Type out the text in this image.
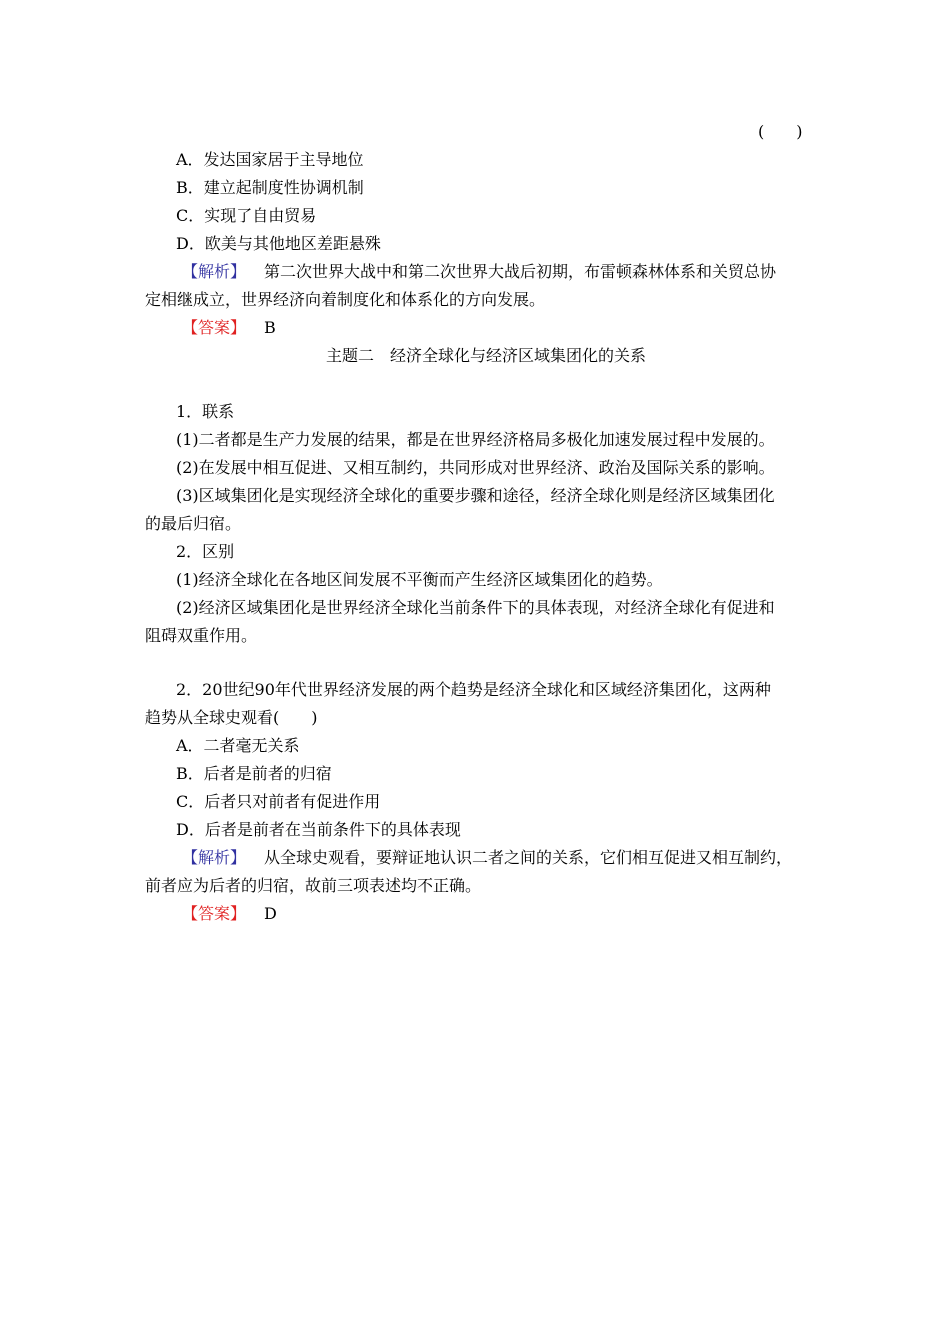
(　　)
A．发达国家居于主导地位
B．建立起制度性协调机制
C．实现了自由贸易
D．欧美与其他地区差距悬殊
【解析】 第二次世界大战中和第二次世界大战后初期，布雷顿森林体系和关贸总协
定相继成立，世界经济向着制度化和体系化的方向发展。
【答案】 B
主题二　经济全球化与经济区域集团化的关系
1．联系
(1)二者都是生产力发展的结果，都是在世界经济格局多极化加速发展过程中发展的。
(2)在发展中相互促进、又相互制约，共同形成对世界经济、政治及国际关系的影响。
(3)区域集团化是实现经济全球化的重要步骤和途径，经济全球化则是经济区域集团化
的最后归宿。
2．区别
(1)经济全球化在各地区间发展不平衡而产生经济区域集团化的趋势。
(2)经济区域集团化是世界经济全球化当前条件下的具体表现，对经济全球化有促进和
阻碍双重作用。
2．20世纪90年代世界经济发展的两个趋势是经济全球化和区域经济集团化，这两种
趋势从全球史观看(　　)
A．二者毫无关系
B．后者是前者的归宿
C．后者只对前者有促进作用
D．后者是前者在当前条件下的具体表现
【解析】 从全球史观看，要辩证地认识二者之间的关系，它们相互促进又相互制约，
前者应为后者的归宿，故前三项表述均不正确。
【答案】 D
